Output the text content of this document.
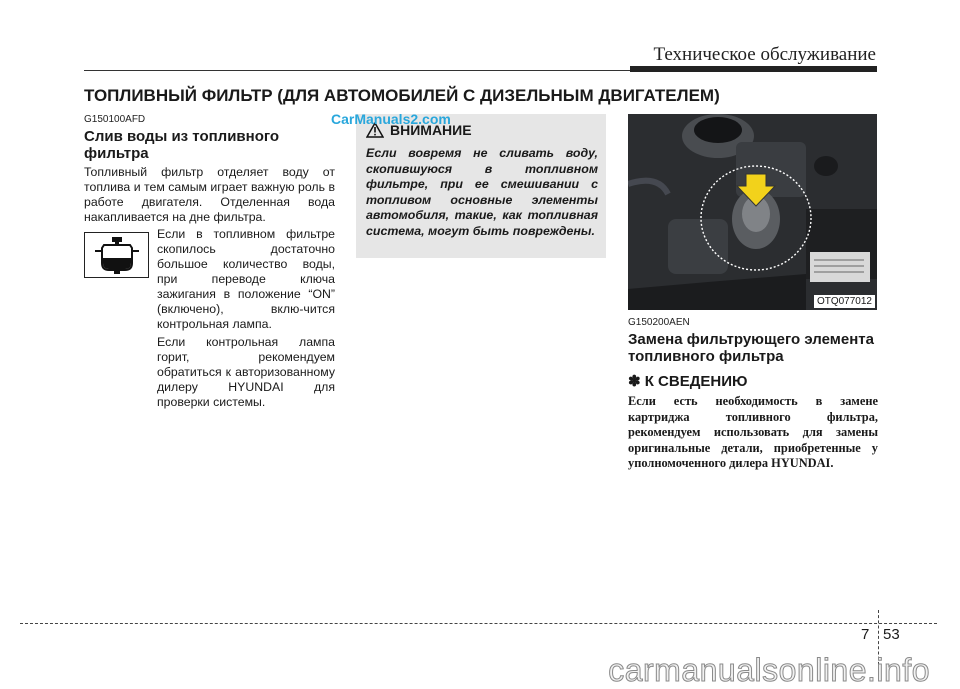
Техническое обслуживание
ТОПЛИВНЫЙ ФИЛЬТР (ДЛЯ АВТОМОБИЛЕЙ С ДИЗЕЛЬНЫМ ДВИГАТЕЛЕМ)
G150100AFD
Слив воды из топливного фильтра
Топливный фильтр отделяет воду от топлива и тем самым играет важную роль в работе двигателя. Отделенная вода накапливается на дне фильтра.
Если в топливном фильтре скопилось достаточно большое количество воды, при переводе ключа зажигания в положение “ON” (включено), вклю-чится контрольная лампа.
Если контрольная лампа горит, рекомендуем обратиться к авторизованному дилеру HYUNDAI для проверки системы.
ВНИМАНИЕ
Если вовремя не сливать воду, скопившуюся в топливном фильтре, при ее смешивании с топливом основные элементы автомобиля, такие, как топливная система, могут быть повреждены.
CarManuals2.com
OTQ077012
G150200AEN
Замена фильтрующего элемента топливного фильтра
✽ К СВЕДЕНИЮ
Если есть необходимость в замене картриджа топливного фильтра, рекомендуем использовать для замены оригинальные детали, приобретенные у уполномоченного дилера HYUNDAI.
7 53
carmanualsonline.info
